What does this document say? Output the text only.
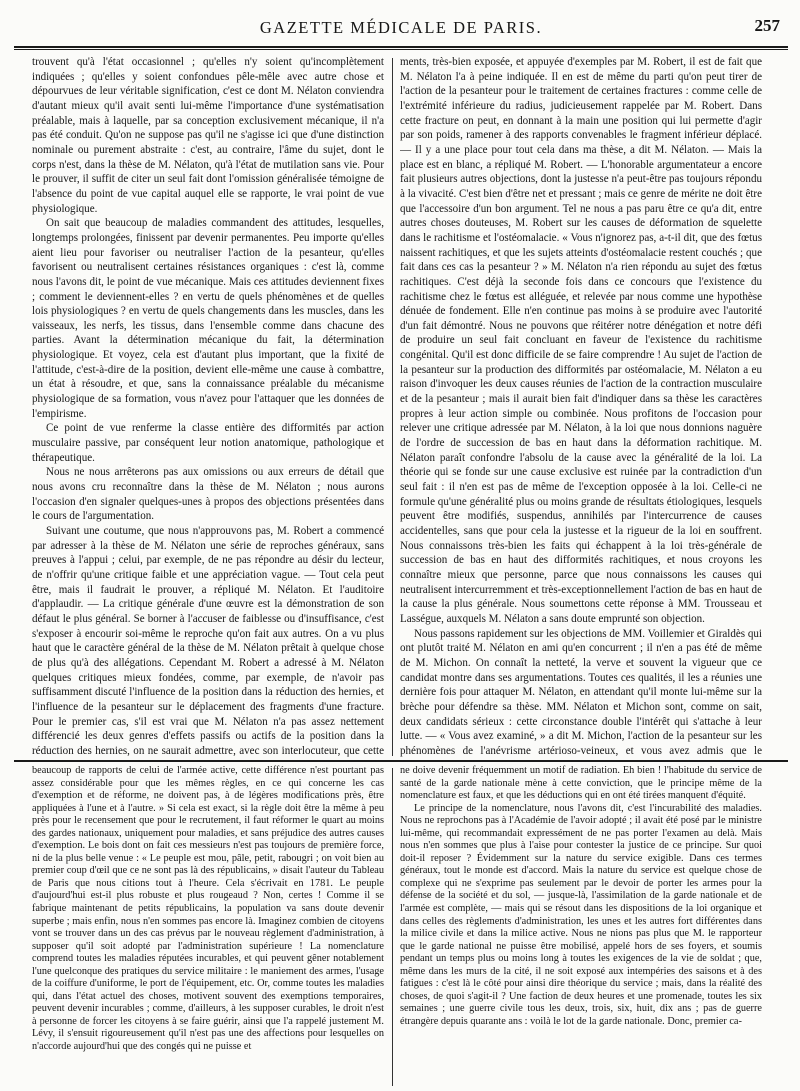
GAZETTE MÉDICALE DE PARIS.	257

trouvent qu'à l'état occasionnel ; qu'elles n'y soient qu'incomplètement indiquées ; qu'elles y soient confondues pêle-mêle avec autre chose et dépourvues de leur véritable signification, c'est ce dont M. Nélaton conviendra d'autant mieux qu'il avait senti lui-même l'importance d'une systématisation préalable, mais à laquelle, par sa conception exclusivement mécanique, il n'a pas été conduit. Qu'on ne suppose pas qu'il ne s'agisse ici que d'une distinction nominale ou purement abstraite : c'est, au contraire, l'âme du sujet, dont le corps n'est, dans la thèse de M. Nélaton, qu'à l'état de mutilation sans vie. Pour le prouver, il suffit de citer un seul fait dont l'omission généralisée témoigne de l'absence du point de vue capital auquel elle se rapporte, le vrai point de vue physiologique.

On sait que beaucoup de maladies commandent des attitudes, lesquelles, longtemps prolongées, finissent par devenir permanentes. Peu importe qu'elles aient lieu pour favoriser ou neutraliser l'action de la pesanteur, qu'elles favorisent ou neutralisent certaines résistances organiques : c'est là, comme nous l'avons dit, le point de vue mécanique. Mais ces attitudes deviennent fixes ; comment le deviennent-elles ? en vertu de quels phénomènes et de quelles lois physiologiques ? en vertu de quels changements dans les muscles, dans les vaisseaux, les nerfs, les tissus, dans l'ensemble comme dans chacune des parties. Avant la détermination mécanique du fait, la détermination physiologique. Et voyez, cela est d'autant plus important, que la fixité de l'attitude, c'est-à-dire de la position, devient elle-même une cause à combattre, un état à résoudre, et que, sans la connaissance préalable du mécanisme physiologique de sa formation, vous n'avez pour l'attaquer que les données de l'empirisme.

Ce point de vue renferme la classe entière des difformités par action musculaire passive, par conséquent leur notion anatomique, pathologique et thérapeutique.

Nous ne nous arrêterons pas aux omissions ou aux erreurs de détail que nous avons cru reconnaître dans la thèse de M. Nélaton ; nous aurons l'occasion d'en signaler quelques-unes à propos des objections présentées dans le cours de l'argumentation.

Suivant une coutume, que nous n'approuvons pas, M. Robert a commencé par adresser à la thèse de M. Nélaton une série de reproches généraux, sans preuves à l'appui ; celui, par exemple, de ne pas répondre au désir du lecteur, de n'offrir qu'une critique faible et une appréciation vague. — Tout cela peut être, mais il faudrait le prouver, a répliqué M. Nélaton. Et l'auditoire d'applaudir. — La critique générale d'une œuvre est la démonstration de son défaut le plus général. Se borner à l'accuser de faiblesse ou d'insuffisance, c'est s'exposer à encourir soi-même le reproche qu'on fait aux autres. On a vu plus haut que le caractère général de la thèse de M. Nélaton prêtait à quelque chose de plus qu'à des allégations. Cependant M. Robert a adressé à M. Nélaton quelques critiques mieux fondées, comme, par exemple, de n'avoir pas suffisamment discuté l'influence de la position dans la réduction des hernies, et l'influence de la pesanteur sur le déplacement des fragments d'une fracture. Pour le premier cas, s'il est vrai que M. Nélaton n'a pas assez nettement différencié les deux genres d'effets passifs ou actifs de la position dans la réduction des hernies, on ne saurait admettre, avec son interlocuteur, que cette

ments, très-bien exposée, et appuyée d'exemples par M. Robert, il est de fait que M. Nélaton l'a à peine indiquée. Il en est de même du parti qu'on peut tirer de l'action de la pesanteur pour le traitement de certaines fractures : comme celle de l'extrémité inférieure du radius, judicieusement rappelée par M. Robert. Dans cette fracture on peut, en donnant à la main une position qui lui permette d'agir par son poids, ramener à des rapports convenables le fragment inférieur déplacé. — Il y a une place pour tout cela dans ma thèse, a dit M. Nélaton. — Mais la place est en blanc, a répliqué M. Robert. — L'honorable argumentateur a encore fait plusieurs autres objections, dont la justesse n'a peut-être pas toujours répondu à la vivacité. C'est bien d'être net et pressant ; mais ce genre de mérite ne doit être que l'accessoire d'un bon argument. Tel ne nous a pas paru être ce qu'a dit, entre autres choses douteuses, M. Robert sur les causes de déformation de squelette dans le rachitisme et l'ostéomalacie. « Vous n'ignorez pas, a-t-il dit, que des fœtus naissent rachitiques, et que les sujets atteints d'ostéomalacie restent couchés ; que fait dans ces cas la pesanteur ? » M. Nélaton n'a rien répondu au sujet des fœtus rachitiques. C'est déjà la seconde fois dans ce concours que l'existence du rachitisme chez le fœtus est alléguée, et relevée par nous comme une hypothèse dénuée de fondement. Elle n'en continue pas moins à se produire avec l'autorité d'un fait démontré. Nous ne pouvons que réitérer notre dénégation et notre défi de produire un seul fait concluant en faveur de l'existence du rachitisme congénital. Qu'il est donc difficile de se faire comprendre ! Au sujet de l'action de la pesanteur sur la production des difformités par ostéomalacie, M. Nélaton a eu raison d'invoquer les deux causes réunies de l'action de la contraction musculaire et de la pesanteur ; mais il aurait bien fait d'indiquer dans sa thèse les caractères propres à leur action simple ou combinée. Nous profitons de l'occasion pour relever une critique adressée par M. Nélaton, à la loi que nous donnions naguère de l'ordre de succession de bas en haut dans la déformation rachitique. M. Nélaton paraît confondre l'absolu de la cause avec la généralité de la loi. La théorie qui se fonde sur une cause exclusive est ruinée par la contradiction d'un seul fait : il n'en est pas de même de l'exception opposée à la loi. Celle-ci ne formule qu'une généralité plus ou moins grande de résultats étiologiques, lesquels peuvent être modifiés, suspendus, annihilés par l'intercurrence de causes accidentelles, sans que pour cela la justesse et la rigueur de la loi en souffrent. Nous connaissons très-bien les faits qui échappent à la loi très-générale de succession de bas en haut des difformités rachitiques, et nous croyons les connaître mieux que personne, parce que nous connaissons les causes qui neutralisent intercurremment et très-exceptionnellement l'action de bas en haut de la cause la plus générale. Nous soumettons cette réponse à MM. Trousseau et Lasségue, auxquels M. Nélaton a sans doute emprunté son objection.

Nous passons rapidement sur les objections de MM. Voillemier et Giraldès qui ont plutôt traité M. Nélaton en ami qu'en concurrent ; il n'en a pas été de même de M. Michon. On connaît la netteté, la verve et souvent la vigueur que ce candidat montre dans ses argumentations. Toutes ces qualités, il les a réunies une dernière fois pour attaquer M. Nélaton, en attendant qu'il monte lui-même sur la brèche pour défendre sa thèse. MM. Nélaton et Michon sont, comme on sait, deux candidats sérieux : cette circonstance double l'intérêt qui s'attache à leur lutte. — « Vous avez examiné, » a dit M. Michon, l'action de la pesanteur sur les phénomènes de l'anévrisme artérioso-veineux, et vous avez admis que le

beaucoup de rapports de celui de l'armée active, cette différence n'est pourtant pas assez considérable pour que les mêmes règles, en ce qui concerne les cas d'exemption et de réforme, ne doivent pas, à de légères modifications près, être appliquées à l'une et à l'autre. » Si cela est exact, si la règle doit être la même à peu près pour le recensement que pour le recrutement, il faut réformer le quart au moins des gardes nationaux, uniquement pour maladies, et sans préjudice des autres causes d'exemption. Le bois dont on fait ces messieurs n'est pas toujours de première force, ni de la plus belle venue : « Le peuple est mou, pâle, petit, rabougri ; on voit bien au premier coup d'œil que ce ne sont pas là des républicains, » disait l'auteur du Tableau de Paris que nous citions tout à l'heure. Cela s'écrivait en 1781. Le peuple d'aujourd'hui est-il plus robuste et plus rougeaud ? Non, certes ! Comme il se fabrique maintenant de petits républicains, la population va sans doute devenir superbe ; mais enfin, nous n'en sommes pas encore là. Imaginez combien de citoyens vont se trouver dans un des cas prévus par le nouveau règlement d'administration, à supposer qu'il soit adopté par l'administration supérieure ! La nomenclature comprend toutes les maladies réputées incurables, et qui peuvent gêner notablement l'une quelconque des pratiques du service militaire : le maniement des armes, l'usage de la coiffure d'uniforme, le port de l'équipement, etc. Or, comme toutes les maladies qui, dans l'état actuel des choses, motivent souvent des exemptions temporaires, peuvent devenir incurables ; comme, d'ailleurs, à les supposer curables, le droit n'est à personne de forcer les citoyens à se faire guérir, ainsi que l'a rappelé justement M. Lévy, il s'ensuit rigoureusement qu'il n'est pas une des affections pour lesquelles on n'accorde aujourd'hui que des congés qui ne puisse et

ne doive devenir fréquemment un motif de radiation. Eh bien ! l'habitude du service de santé de la garde nationale mène à cette conviction, que le principe même de la nomenclature est faux, et que les déductions qui en ont été tirées manquent d'équité.

Le principe de la nomenclature, nous l'avons dit, c'est l'incurabilité des maladies. Nous ne reprochons pas à l'Académie de l'avoir adopté ; il avait été posé par le ministre lui-même, qui recommandait expressément de ne pas porter l'examen au delà. Mais nous n'en sommes que plus à l'aise pour contester la justice de ce principe. Sur quoi doit-il reposer ? Évidemment sur la nature du service exigible. Dans ces termes généraux, tout le monde est d'accord. Mais la nature du service est quelque chose de complexe qui ne s'exprime pas seulement par le devoir de porter les armes pour la défense de la société et du sol, — jusque-là, l'assimilation de la garde nationale et de l'armée est complète, — mais qui se résout dans les dispositions de la loi organique et dans celles des règlements d'administration, les unes et les autres fort différentes dans la milice civile et dans la milice active. Nous ne nions pas plus que M. le rapporteur que le garde national ne puisse être mobilisé, appelé hors de ses foyers, et soumis pendant un temps plus ou moins long à toutes les exigences de la vie de soldat ; que, même dans les murs de la cité, il ne soit exposé aux intempéries des saisons et à des fatigues : c'est là le côté pour ainsi dire théorique du service ; mais, dans la réalité des choses, de quoi s'agit-il ? Une faction de deux heures et une promenade, toutes les six semaines ; une guerre civile tous les deux, trois, six, huit, dix ans ; pas de guerre étrangère depuis quarante ans : voilà le lot de la garde nationale. Donc, premier ca-
